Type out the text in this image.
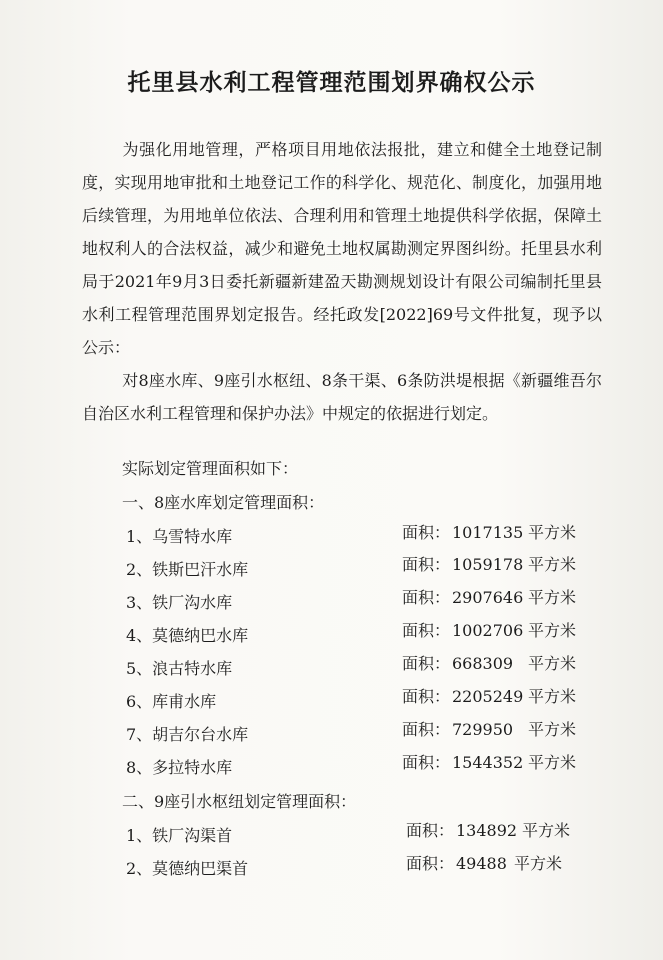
托里县水利工程管理范围划界确权公示
为强化用地管理，严格项目用地依法报批，建立和健全土地登记制度，实现用地审批和土地登记工作的科学化、规范化、制度化，加强用地后续管理，为用地单位依法、合理利用和管理土地提供科学依据，保障土地权利人的合法权益，减少和避免土地权属勘测定界图纠纷。托里县水利局于2021年9月3日委托新疆新建盈天勘测规划设计有限公司编制托里县水利工程管理范围界划定报告。经托政发[2022]69号文件批复，现予以公示：
对8座水库、9座引水枢纽、8条干渠、6条防洪堤根据《新疆维吾尔自治区水利工程管理和保护办法》中规定的依据进行划定。
实际划定管理面积如下：
一、8座水库划定管理面积：
1、乌雪特水库	面积： 1017135 平方米
2、铁斯巴汗水库	面积： 1059178 平方米
3、铁厂沟水库	面积： 2907646 平方米
4、莫德纳巴水库	面积： 1002706 平方米
5、浪古特水库	面积： 668309 平方米
6、库甫水库	面积： 2205249 平方米
7、胡吉尔台水库	面积： 729950 平方米
8、多拉特水库	面积： 1544352 平方米
二、9座引水枢纽划定管理面积：
1、铁厂沟渠首	面积： 134892 平方米
2、莫德纳巴渠首	面积： 49488 平方米
